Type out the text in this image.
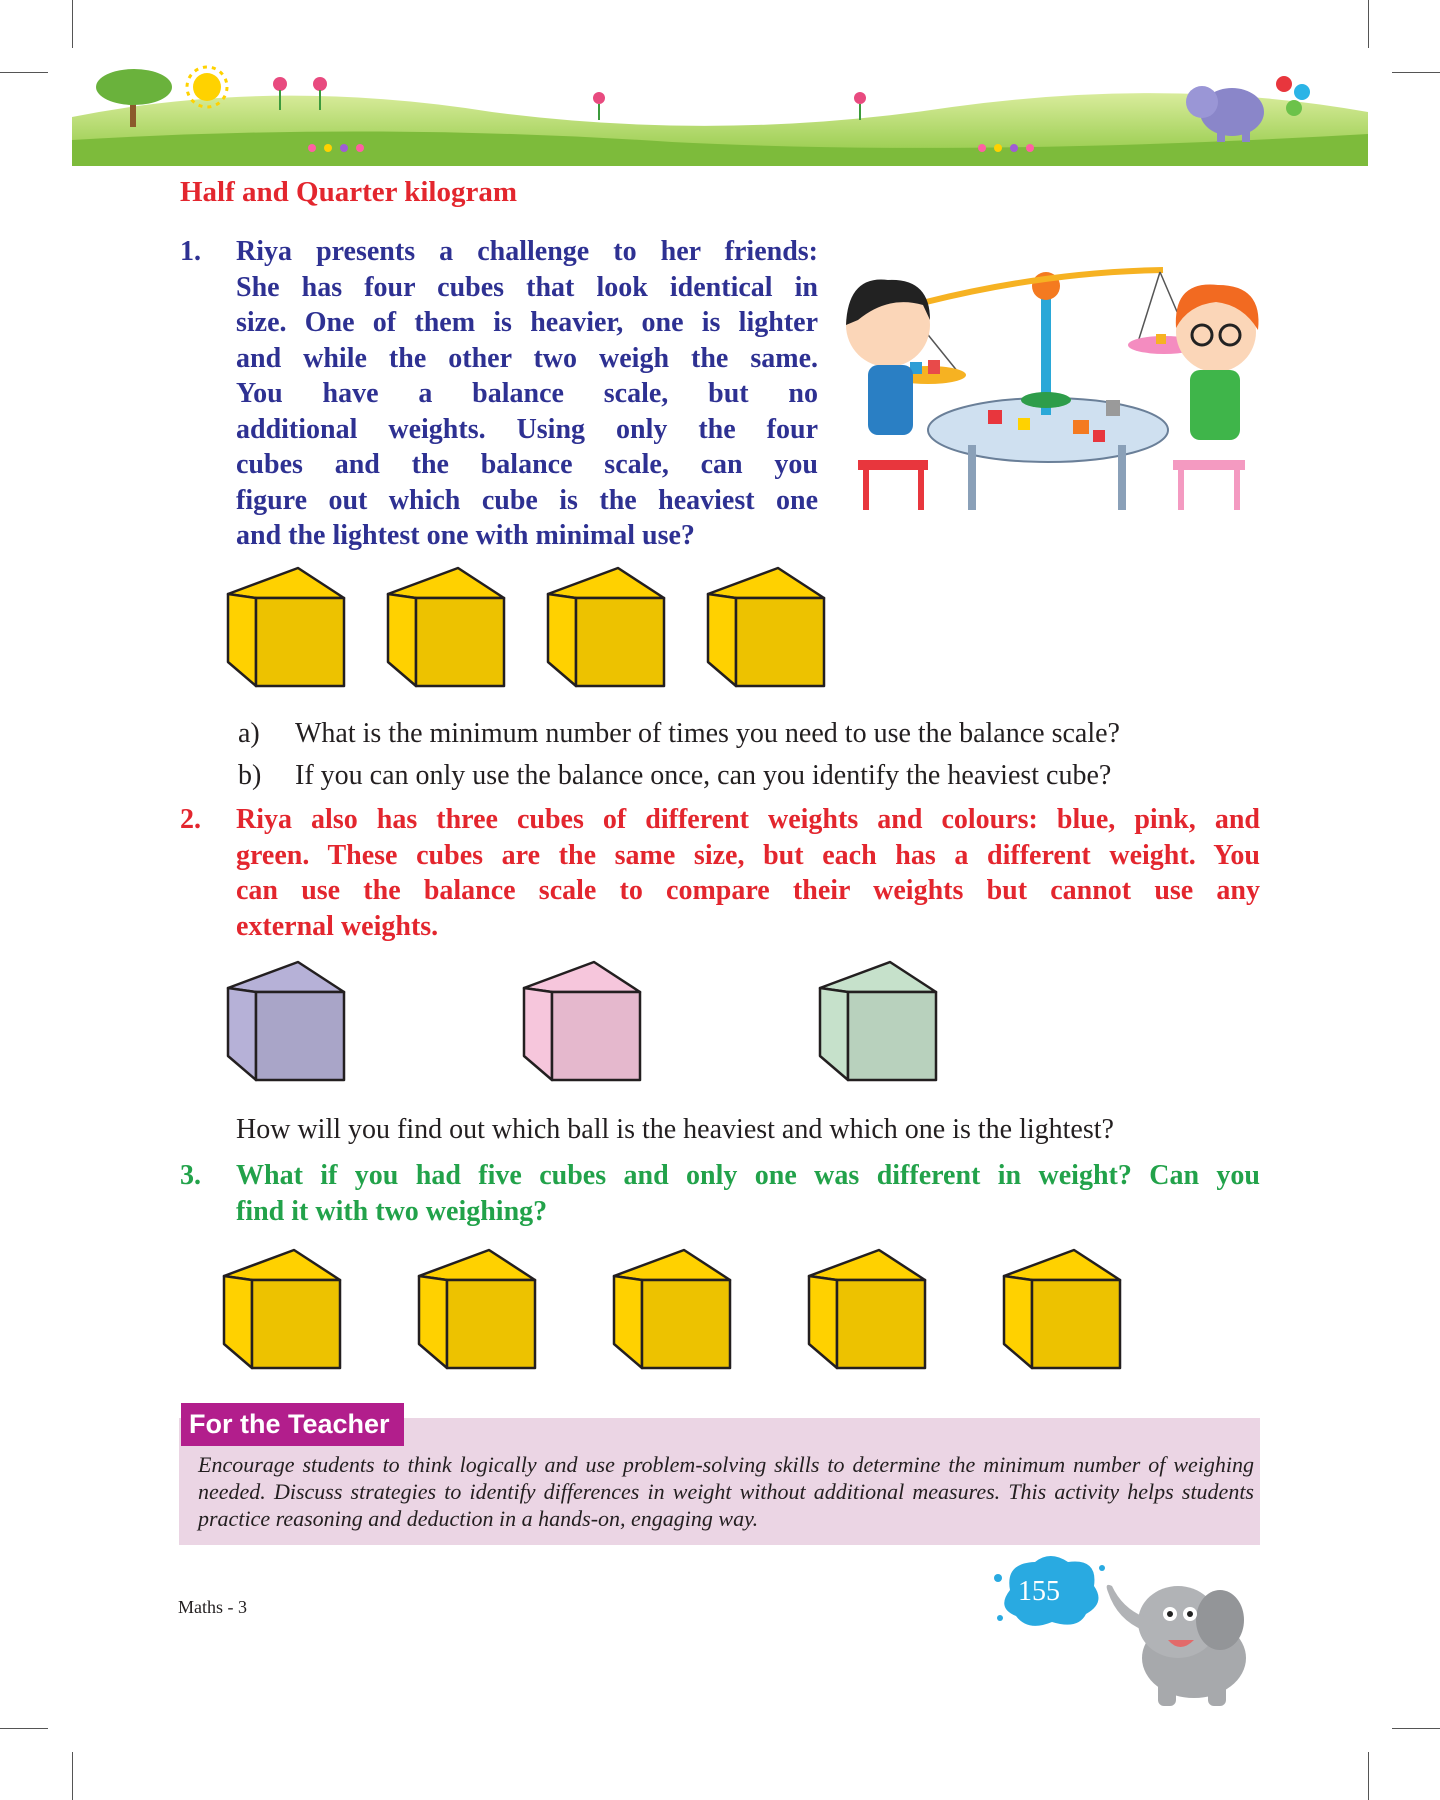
Half and Quarter kilogram
1. Riya presents a challenge to her friends:
She has four cubes that look identical in
size. One of them is heavier, one is lighter
and while the other two weigh the same.
You have a balance scale, but no
additional weights. Using only the four
cubes and the balance scale, can you
figure out which cube is the heaviest one
and the lightest one with minimal use?
a) What is the minimum number of times you need to use the balance scale?
b) If you can only use the balance once, can you identify the heaviest cube?
2. Riya also has three cubes of different weights and colours: blue, pink, and
green. These cubes are the same size, but each has a different weight. You
can use the balance scale to compare their weights but cannot use any
external weights.
How will you find out which ball is the heaviest and which one is the lightest?
3. What if you had five cubes and only one was different in weight? Can you
find it with two weighing?
For the Teacher
Encourage students to think logically and use problem-solving skills to determine the minimum number of weighing needed. Discuss strategies to identify differences in weight without additional measures. This activity helps students practice reasoning and deduction in a hands-on, engaging way.
Maths - 3	155
